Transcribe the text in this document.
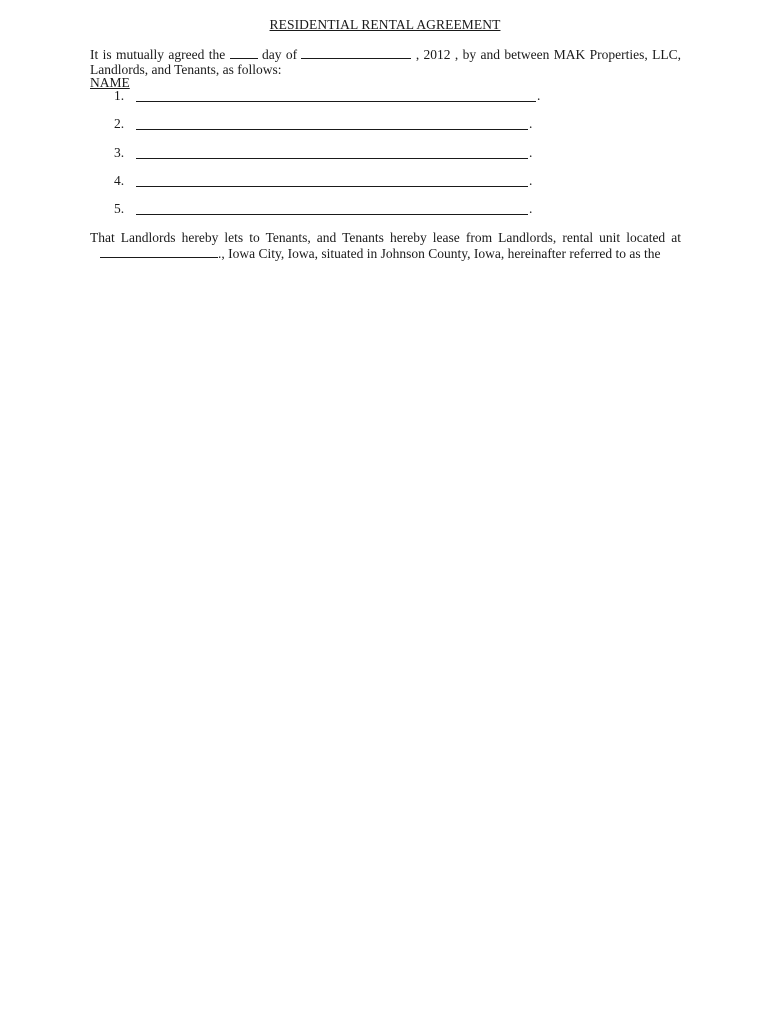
RESIDENTIAL RENTAL AGREEMENT
It is mutually agreed the	day of	, 2012 , by and between MAK Properties, LLC, Landlords, and Tenants, as follows:
NAME
1.	.
2.	.
3.	.
4.	.
5.	.
That Landlords hereby lets to Tenants, and Tenants hereby lease from Landlords, rental unit located at ., Iowa City, Iowa, situated in Johnson County, Iowa, hereinafter referred to as the
